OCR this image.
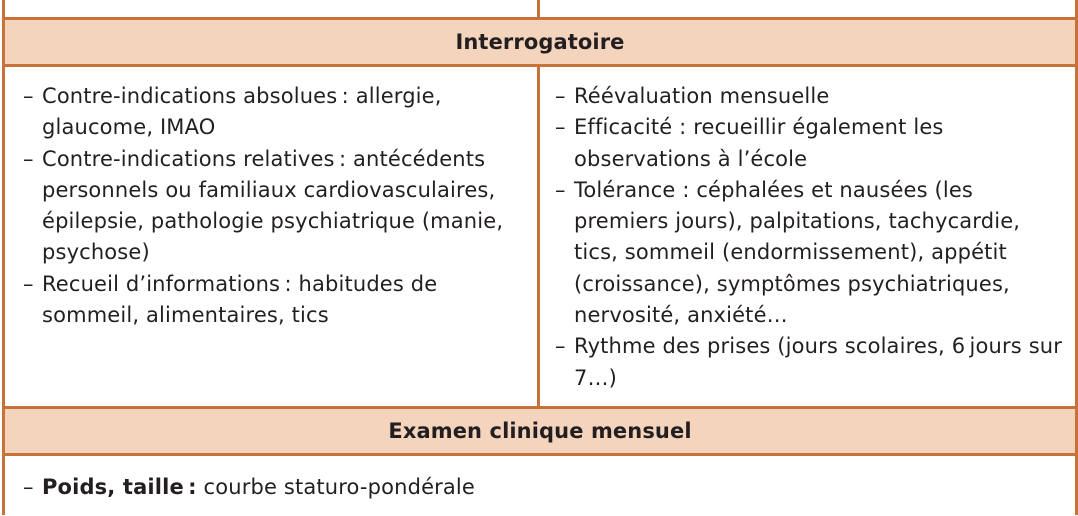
Interrogatoire
– Contre-indications absolues : allergie, glaucome, IMAO
– Contre-indications relatives : antécédents personnels ou familiaux cardiovasculaires, épilepsie, pathologie psychiatrique (manie, psychose)
– Recueil d’informations : habitudes de sommeil, alimentaires, tics
– Réévaluation mensuelle
– Efficacité : recueillir également les observations à l’école
– Tolérance : céphalées et nausées (les premiers jours), palpitations, tachycardie, tics, sommeil (endormissement), appétit (croissance), symptômes psychiatriques, nervosité, anxiété…
– Rythme des prises (jours scolaires, 6 jours sur 7…)
Examen clinique mensuel
– Poids, taille : courbe staturo-pondérale
